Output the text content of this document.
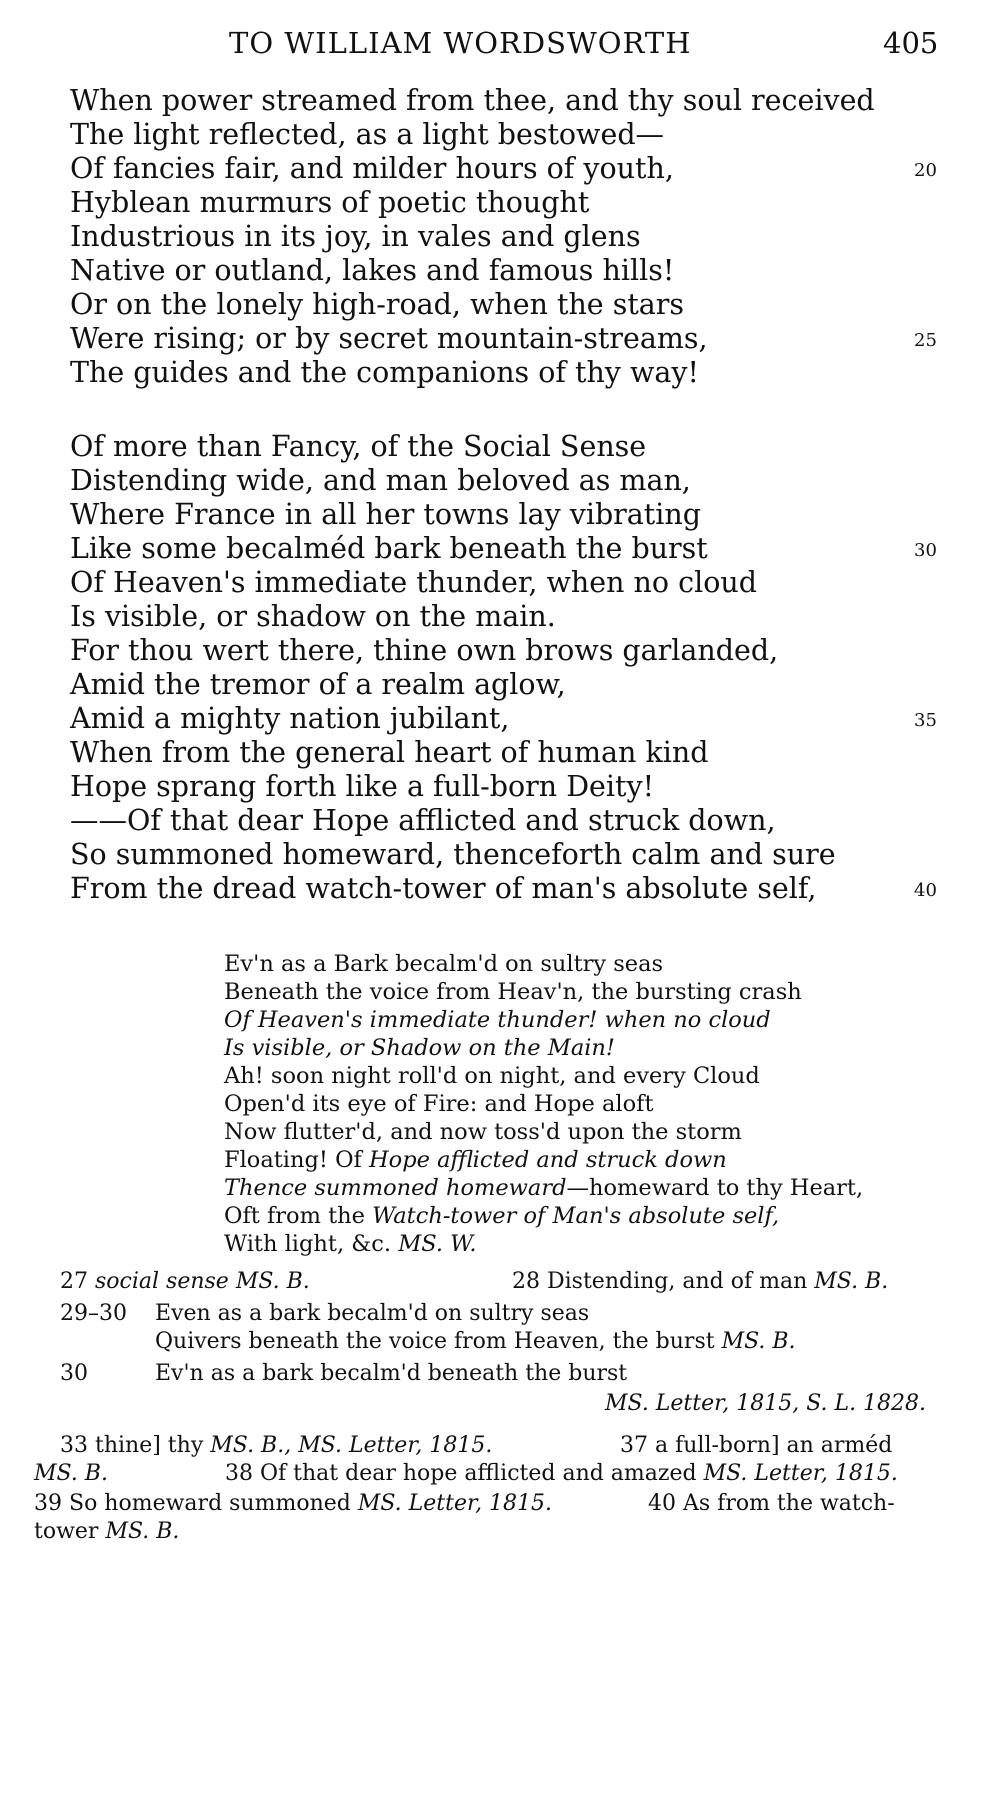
TO WILLIAM WORDSWORTH	405
When power streamed from thee, and thy soul received
The light reflected, as a light bestowed—
Of fancies fair, and milder hours of youth,
Hyblean murmurs of poetic thought
Industrious in its joy, in vales and glens
Native or outland, lakes and famous hills!
Or on the lonely high-road, when the stars
Were rising; or by secret mountain-streams,
The guides and the companions of thy way!
20
25
Of more than Fancy, of the Social Sense
Distending wide, and man beloved as man,
Where France in all her towns lay vibrating
Like some becalméd bark beneath the burst
Of Heaven's immediate thunder, when no cloud
Is visible, or shadow on the main.
For thou wert there, thine own brows garlanded,
Amid the tremor of a realm aglow,
Amid a mighty nation jubilant,
When from the general heart of human kind
Hope sprang forth like a full-born Deity!
——Of that dear Hope afflicted and struck down,
So summoned homeward, thenceforth calm and sure
From the dread watch-tower of man's absolute self,
30
35
40
Ev'n as a Bark becalm'd on sultry seas
Beneath the voice from Heav'n, the bursting crash
Of Heaven's immediate thunder! when no cloud
Is visible, or Shadow on the Main!
Ah! soon night roll'd on night, and every Cloud
Open'd its eye of Fire: and Hope aloft
Now flutter'd, and now toss'd upon the storm
Floating! Of Hope afflicted and struck down
Thence summoned homeward—homeward to thy Heart,
Oft from the Watch-tower of Man's absolute self,
With light, &c. MS. W.
27 social sense MS. B.	28 Distending, and of man MS. B.
29–30 Even as a bark becalm'd on sultry seas
Quivers beneath the voice from Heaven, the burst MS. B.
30	Ev'n as a bark becalm'd beneath the burst
MS. Letter, 1815, S. L. 1828.
33 thine] thy MS. B., MS. Letter, 1815.	37 a full-born] an arméd
MS. B.	38 Of that dear hope afflicted and amazed MS. Letter, 1815.
39 So homeward summoned MS. Letter, 1815.	40 As from the watch-
tower MS. B.
